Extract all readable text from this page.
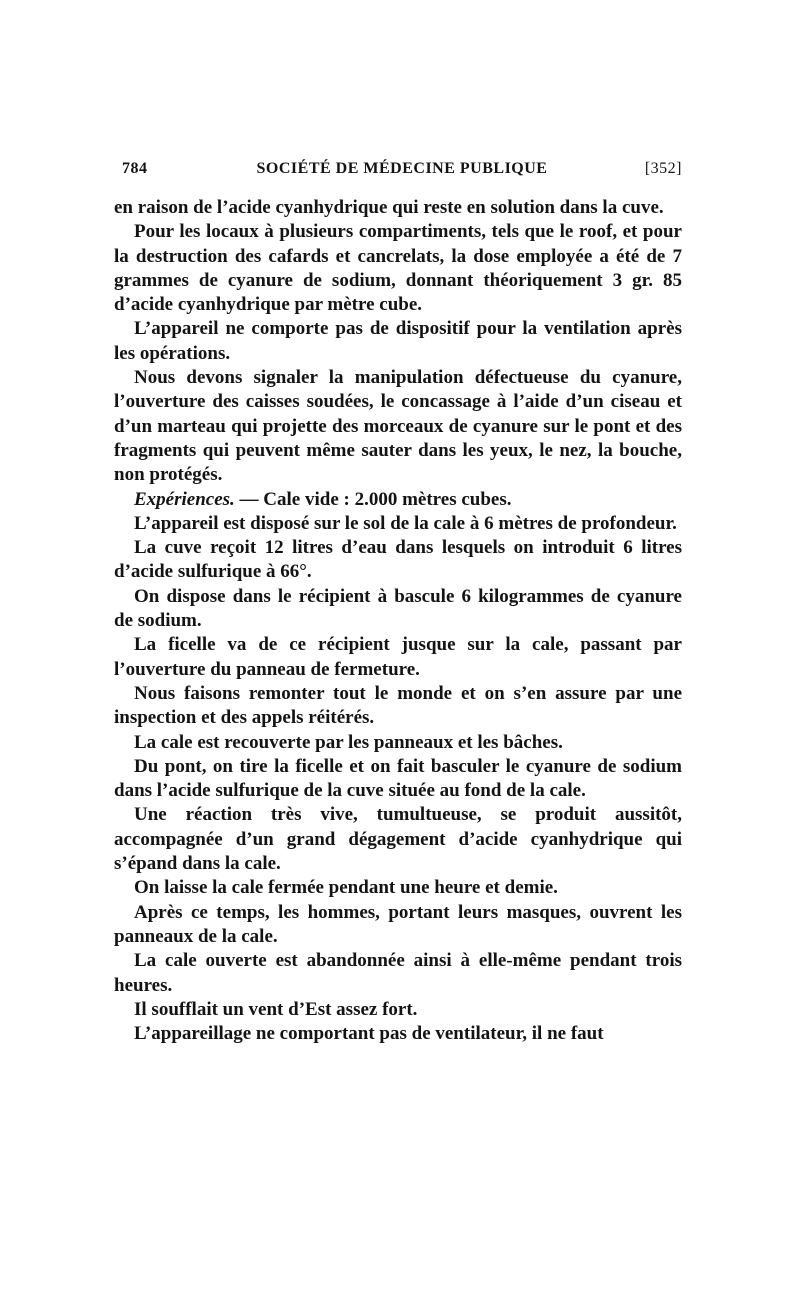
784	SOCIÉTÉ DE MÉDECINE PUBLIQUE	[352]

en raison de l’acide cyanhydrique qui reste en solution dans la cuve.

Pour les locaux à plusieurs compartiments, tels que le roof, et pour la destruction des cafards et cancrelats, la dose employée a été de 7 grammes de cyanure de sodium, donnant théoriquement 3 gr. 85 d’acide cyanhydrique par mètre cube.

L’appareil ne comporte pas de dispositif pour la ventilation après les opérations.

Nous devons signaler la manipulation défectueuse du cyanure, l’ouverture des caisses soudées, le concassage à l’aide d’un ciseau et d’un marteau qui projette des morceaux de cyanure sur le pont et des fragments qui peuvent même sauter dans les yeux, le nez, la bouche, non protégés.

Expériences. — Cale vide : 2.000 mètres cubes.

L’appareil est disposé sur le sol de la cale à 6 mètres de profondeur.

La cuve reçoit 12 litres d’eau dans lesquels on introduit 6 litres d’acide sulfurique à 66°.

On dispose dans le récipient à bascule 6 kilogrammes de cyanure de sodium.

La ficelle va de ce récipient jusque sur la cale, passant par l’ouverture du panneau de fermeture.

Nous faisons remonter tout le monde et on s’en assure par une inspection et des appels réitérés.

La cale est recouverte par les panneaux et les bâches.

Du pont, on tire la ficelle et on fait basculer le cyanure de sodium dans l’acide sulfurique de la cuve située au fond de la cale.

Une réaction très vive, tumultueuse, se produit aussitôt, accompagnée d’un grand dégagement d’acide cyanhydrique qui s’épand dans la cale.

On laisse la cale fermée pendant une heure et demie.

Après ce temps, les hommes, portant leurs masques, ouvrent les panneaux de la cale.

La cale ouverte est abandonnée ainsi à elle-même pendant trois heures.

Il soufflait un vent d’Est assez fort.

L’appareillage ne comportant pas de ventilateur, il ne faut
